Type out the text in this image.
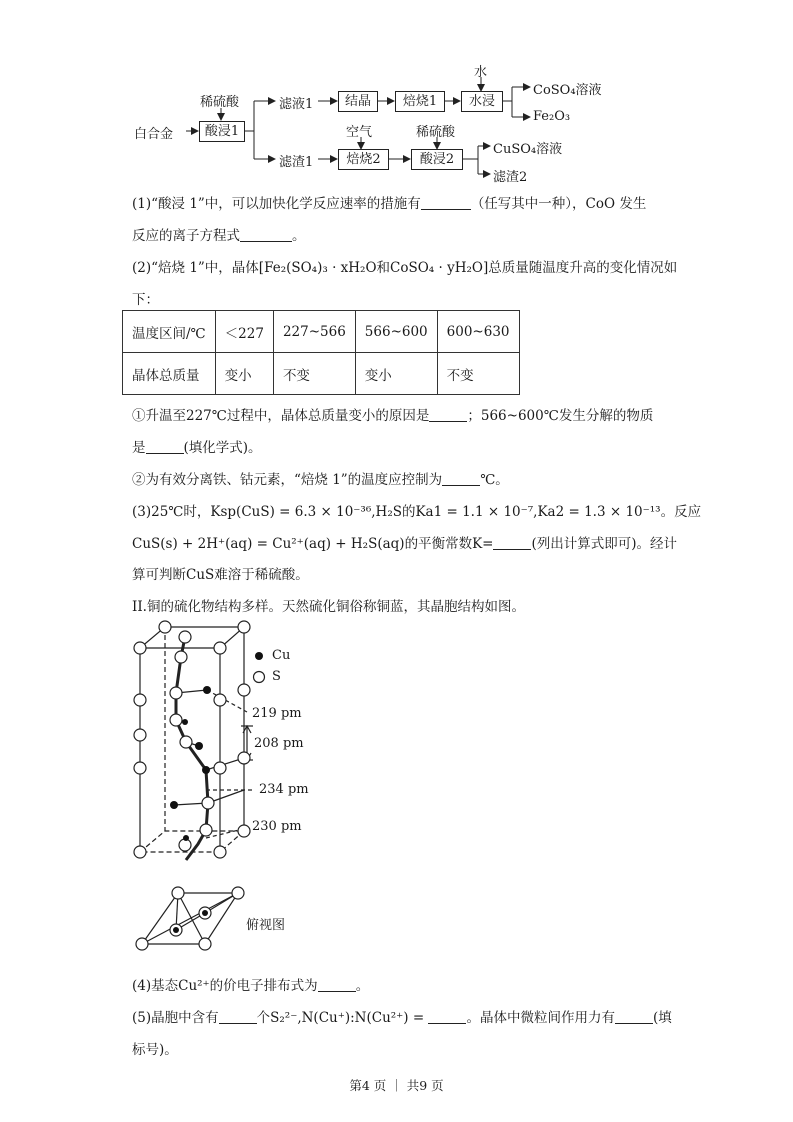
白合金
稀硫酸
酸浸1
滤液1	结晶	焙烧1
水
水浸
CoSO₄溶液
Fe₂O₃
滤渣1
空气
焙烧2
稀硫酸
酸浸2
CuSO₄溶液
滤渣2
(1)“酸浸 1”中，可以加快化学反应速率的措施有	（任写其中一种），CoO 发生
反应的离子方程式	。
(2)“焙烧 1”中，晶体[Fe₂(SO₄)₃ · xH₂O和CoSO₄ · yH₂O]总质量随温度升高的变化情况如
下：
温度区间/℃	＜227	227~566	566~600	600~630
晶体总质量	变小	不变	变小	不变
①升温至227℃过程中，晶体总质量变小的原因是	；566~600℃发生分解的物质
是	(填化学式)。
②为有效分离铁、钴元素，“焙烧 1”的温度应控制为	℃。
(3)25℃时，Ksp(CuS) = 6.3 × 10⁻³⁶,H₂S的Ka1 = 1.1 × 10⁻⁷,Ka2 = 1.3 × 10⁻¹³。反应
CuS(s) + 2H⁺(aq) = Cu²⁺(aq) + H₂S(aq)的平衡常数K=	(列出计算式即可)。经计
算可判断CuS难溶于稀硫酸。
II.铜的硫化物结构多样。天然硫化铜俗称铜蓝，其晶胞结构如图。
Cu
S
219 pm
208 pm
234 pm
230 pm
俯视图
(4)基态Cu²⁺的价电子排布式为	。
(5)晶胞中含有	个S₂²⁻,N(Cu⁺):N(Cu²⁺) =	。晶体中微粒间作用力有	(填
标号)。
第4 页 ｜ 共9 页
